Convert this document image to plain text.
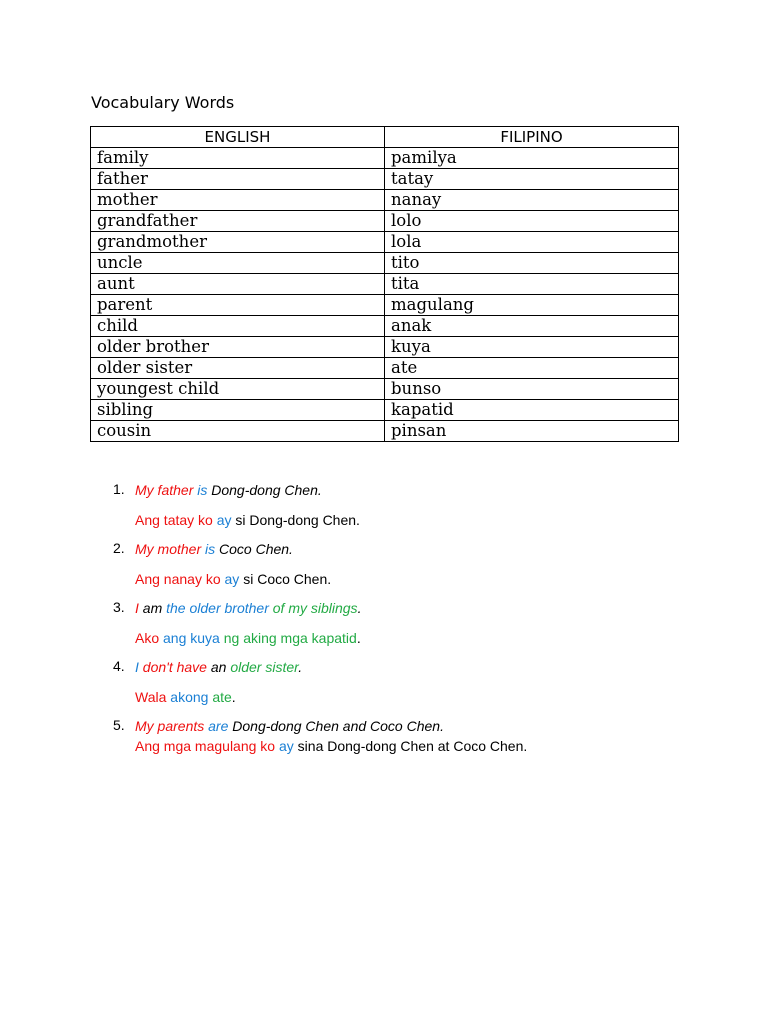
Vocabulary Words
ENGLISH	FILIPINO
family	pamilya
father	tatay
mother	nanay
grandfather	lolo
grandmother	lola
uncle	tito
aunt	tita
parent	magulang
child	anak
older brother	kuya
older sister	ate
youngest child	bunso
sibling	kapatid
cousin	pinsan
1. My father is Dong-dong Chen.
Ang tatay ko ay si Dong-dong Chen.
2. My mother is Coco Chen.
Ang nanay ko ay si Coco Chen.
3. I am the older brother of my siblings.
Ako ang kuya ng aking mga kapatid.
4. I don't have an older sister.
Wala akong ate.
5. My parents are Dong-dong Chen and Coco Chen.
Ang mga magulang ko ay sina Dong-dong Chen at Coco Chen.
